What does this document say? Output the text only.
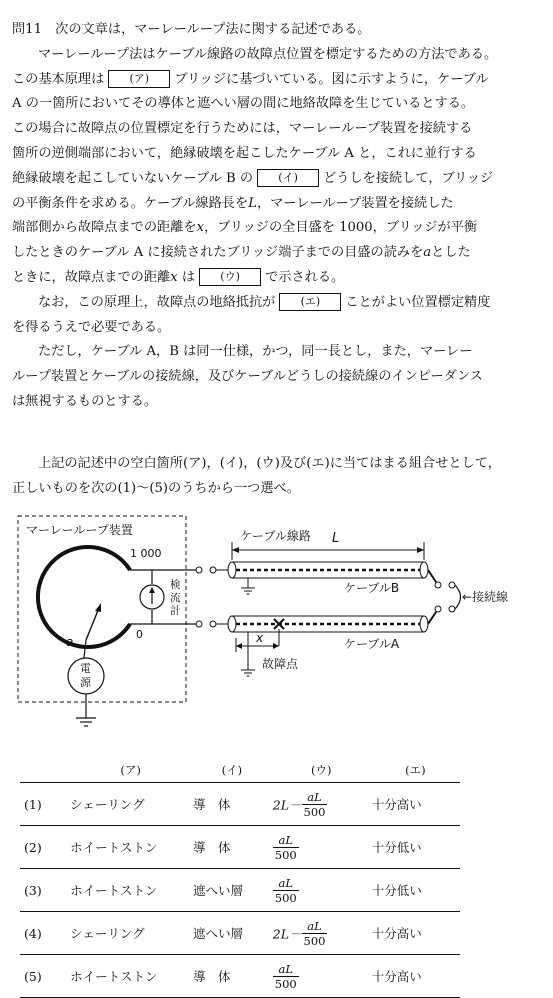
問11　 次の文章は，マーレーループ法に関する記述である。
マーレーループ法はケーブル線路の故障点位置を標定するための方法である。
この基本原理は (ア) ブリッジに基づいている。図に示すように，ケーブル
A の一箇所においてその導体と遮へい層の間に地絡故障を生じているとする。
この場合に故障点の位置標定を行うためには，マーレーループ装置を接続する
箇所の逆側端部において，絶縁破壊を起こしたケーブル A と，これに並行する
絶縁破壊を起こしていないケーブル B の (イ) どうしを接続して，ブリッジ
の平衡条件を求める。ケーブル線路長をL，マーレーループ装置を接続した
端部側から故障点までの距離をx，ブリッジの全目盛を 1000，ブリッジが平衡
したときのケーブル A に接続されたブリッジ端子までの目盛の読みをaとした
ときに，故障点までの距離x は (ウ) で示される。
なお，この原理上，故障点の地絡抵抗が (エ) ことがよい位置標定精度
を得るうえで必要である。
ただし，ケーブル A，B は同一仕様，かつ，同一長とし，また，マーレー
ループ装置とケーブルの接続線，及びケーブルどうしの接続線のインピーダンス
は無視するものとする。
上記の記述中の空白箇所(ア)，(イ)，(ウ)及び(エ)に当てはまる組合せとして，
正しいものを次の(1)～(5)のうちから一つ選べ。
マーレーループ装置
1 000
0
検
流
計
a
電
源
ケーブル線路 L
ケーブルB
ケーブルA
x
故障点
←接続線
	(ア)	(イ)	(ウ)	(エ)
(1)	シェーリング	導　体	$2L- \frac{aL}{500}$	十分高い
(2)	ホイートストン	導　体	$\frac{aL}{500}$	十分低い
(3)	ホイートストン	遮へい層	$\frac{aL}{500}$	十分低い
(4)	シェーリング	遮へい層	$2L- \frac{aL}{500}$	十分高い
(5)	ホイートストン	導　体	$\frac{aL}{500}$	十分高い
